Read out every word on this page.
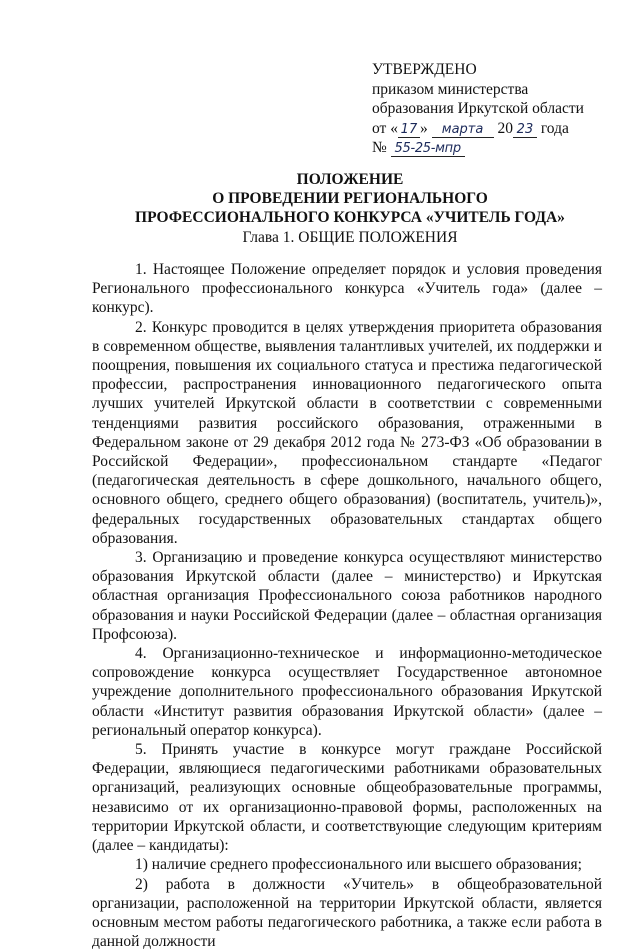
УТВЕРЖДЕНО
приказом министерства
образования Иркутской области
от « 17 » марта 20 23 года
№ 55-25-мпр
ПОЛОЖЕНИЕ
О ПРОВЕДЕНИИ РЕГИОНАЛЬНОГО
ПРОФЕССИОНАЛЬНОГО КОНКУРСА «УЧИТЕЛЬ ГОДА»
Глава 1. ОБЩИЕ ПОЛОЖЕНИЯ

1. Настоящее Положение определяет порядок и условия проведения Регионального профессионального конкурса «Учитель года» (далее – конкурс).

2. Конкурс проводится в целях утверждения приоритета образования в современном обществе, выявления талантливых учителей, их поддержки и поощрения, повышения их социального статуса и престижа педагогической профессии, распространения инновационного педагогического опыта лучших учителей Иркутской области в соответствии с современными тенденциями развития российского образования, отраженными в Федеральном законе от 29 декабря 2012 года № 273-ФЗ «Об образовании в Российской Федерации», профессиональном стандарте «Педагог (педагогическая деятельность в сфере дошкольного, начального общего, основного общего, среднего общего образования) (воспитатель, учитель)», федеральных государственных образовательных стандартах общего образования.

3. Организацию и проведение конкурса осуществляют министерство образования Иркутской области (далее – министерство) и Иркутская областная организация Профессионального союза работников народного образования и науки Российской Федерации (далее – областная организация Профсоюза).

4. Организационно-техническое и информационно-методическое сопровождение конкурса осуществляет Государственное автономное учреждение дополнительного профессионального образования Иркутской области «Институт развития образования Иркутской области» (далее – региональный оператор конкурса).

5. Принять участие в конкурсе могут граждане Российской Федерации, являющиеся педагогическими работниками образовательных организаций, реализующих основные общеобразовательные программы, независимо от их организационно-правовой формы, расположенных на территории Иркутской области, и соответствующие следующим критериям (далее – кандидаты):

1) наличие среднего профессионального или высшего образования;

2) работа в должности «Учитель» в общеобразовательной организации, расположенной на территории Иркутской области, является основным местом работы педагогического работника, а также если работа в данной должности
